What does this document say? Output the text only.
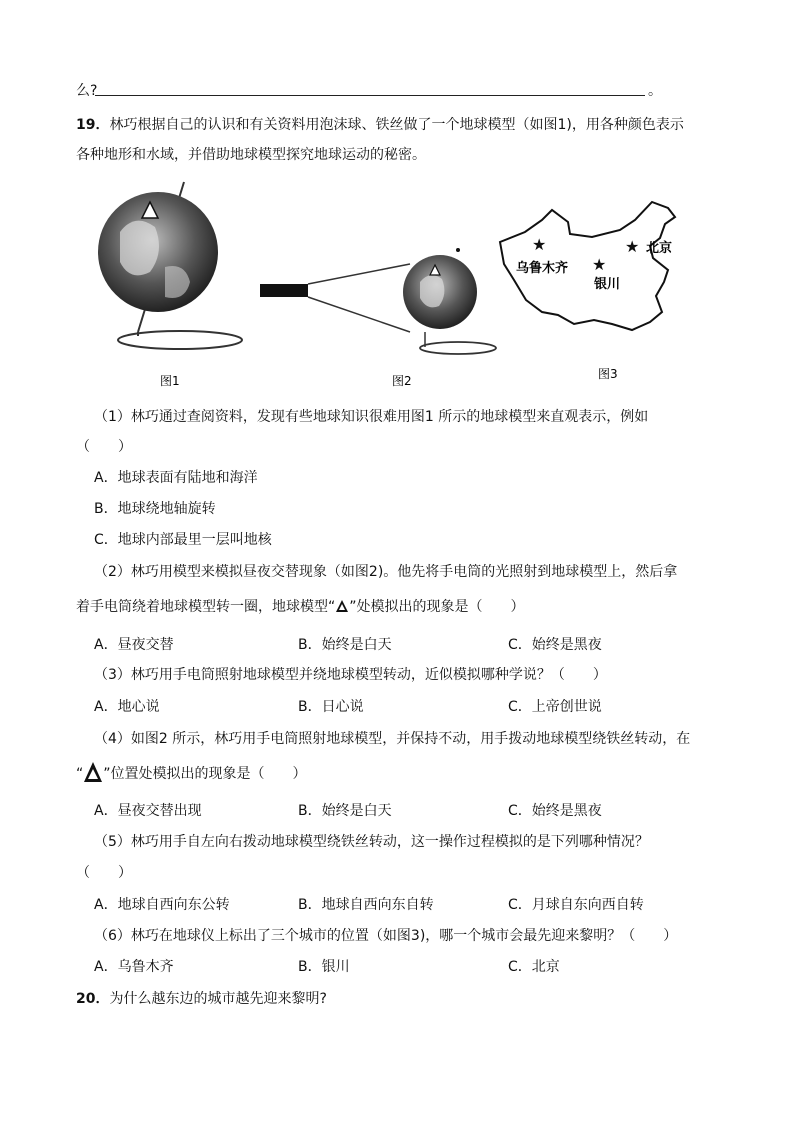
么?	。
19．林巧根据自己的认识和有关资料用泡沫球、铁丝做了一个地球模型（如图1)，用各种颜色表示
各种地形和水域，并借助地球模型探究地球运动的秘密。
★
★
★
乌鲁木齐
银川
北京
图1	图2	图3
（1）林巧通过查阅资料，发现有些地球知识很难用图1 所示的地球模型来直观表示，例如
（　　）
A．地球表面有陆地和海洋
B．地球绕地轴旋转
C．地球内部最里一层叫地核
（2）林巧用模型来模拟昼夜交替现象（如图2)。他先将手电筒的光照射到地球模型上，然后拿
着手电筒绕着地球模型转一圈，地球模型“ ”处模拟出的现象是（　　）
A．昼夜交替	B．始终是白天	C．始终是黑夜
（3）林巧用手电筒照射地球模型并绕地球模型转动，近似模拟哪种学说？（　　）
A．地心说	B．日心说	C．上帝创世说
（4）如图2 所示，林巧用手电筒照射地球模型，并保持不动，用手拨动地球模型绕铁丝转动，在
“ ”位置处模拟出的现象是（　　）
A．昼夜交替出现	B．始终是白天	C．始终是黑夜
（5）林巧用手自左向右拨动地球模型绕铁丝转动，这一操作过程模拟的是下列哪种情况？
（　　）
A．地球自西向东公转	B．地球自西向东自转	C．月球自东向西自转
（6）林巧在地球仪上标出了三个城市的位置（如图3)，哪一个城市会最先迎来黎明？（　　）
A．乌鲁木齐	B．银川	C．北京
20．为什么越东边的城市越先迎来黎明?
